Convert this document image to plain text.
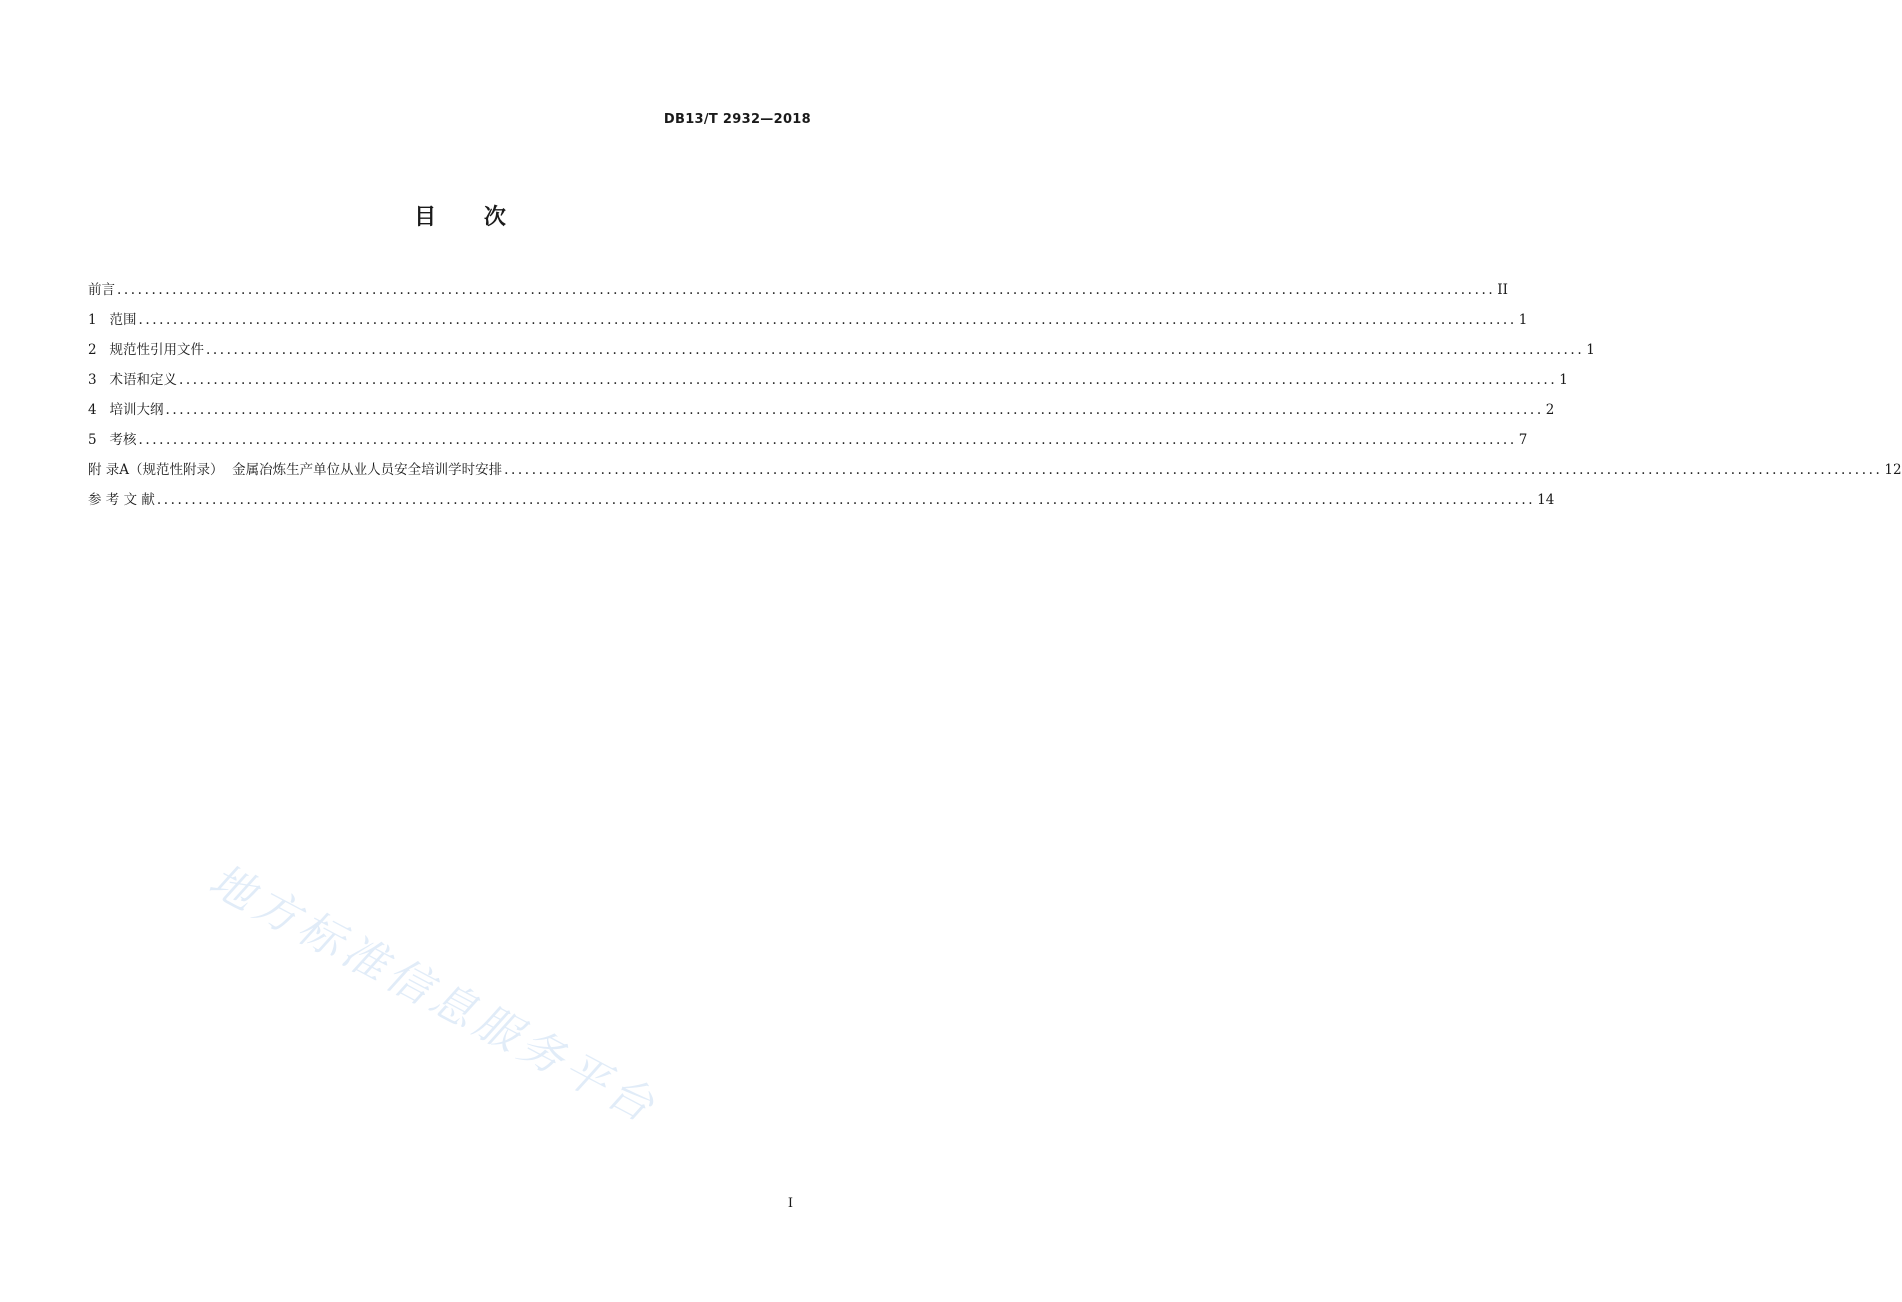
DB13/T 2932—2018
目 次
前言 ........................................................................................................................................................................................................ II
1   范围 ........................................................................................................................................................................................................ 1
2   规范性引用文件 ........................................................................................................................................................................................................ 1
3   术语和定义 ........................................................................................................................................................................................................ 1
4   培训大纲 ........................................................................................................................................................................................................ 2
5   考核 ........................................................................................................................................................................................................ 7
附 录A（规范性附录）  金属冶炼生产单位从业人员安全培训学时安排 ........................................................................................................................................................................................................ 12
参 考 文 献 ........................................................................................................................................................................................................ 14
地方标准信息服务平台
I
